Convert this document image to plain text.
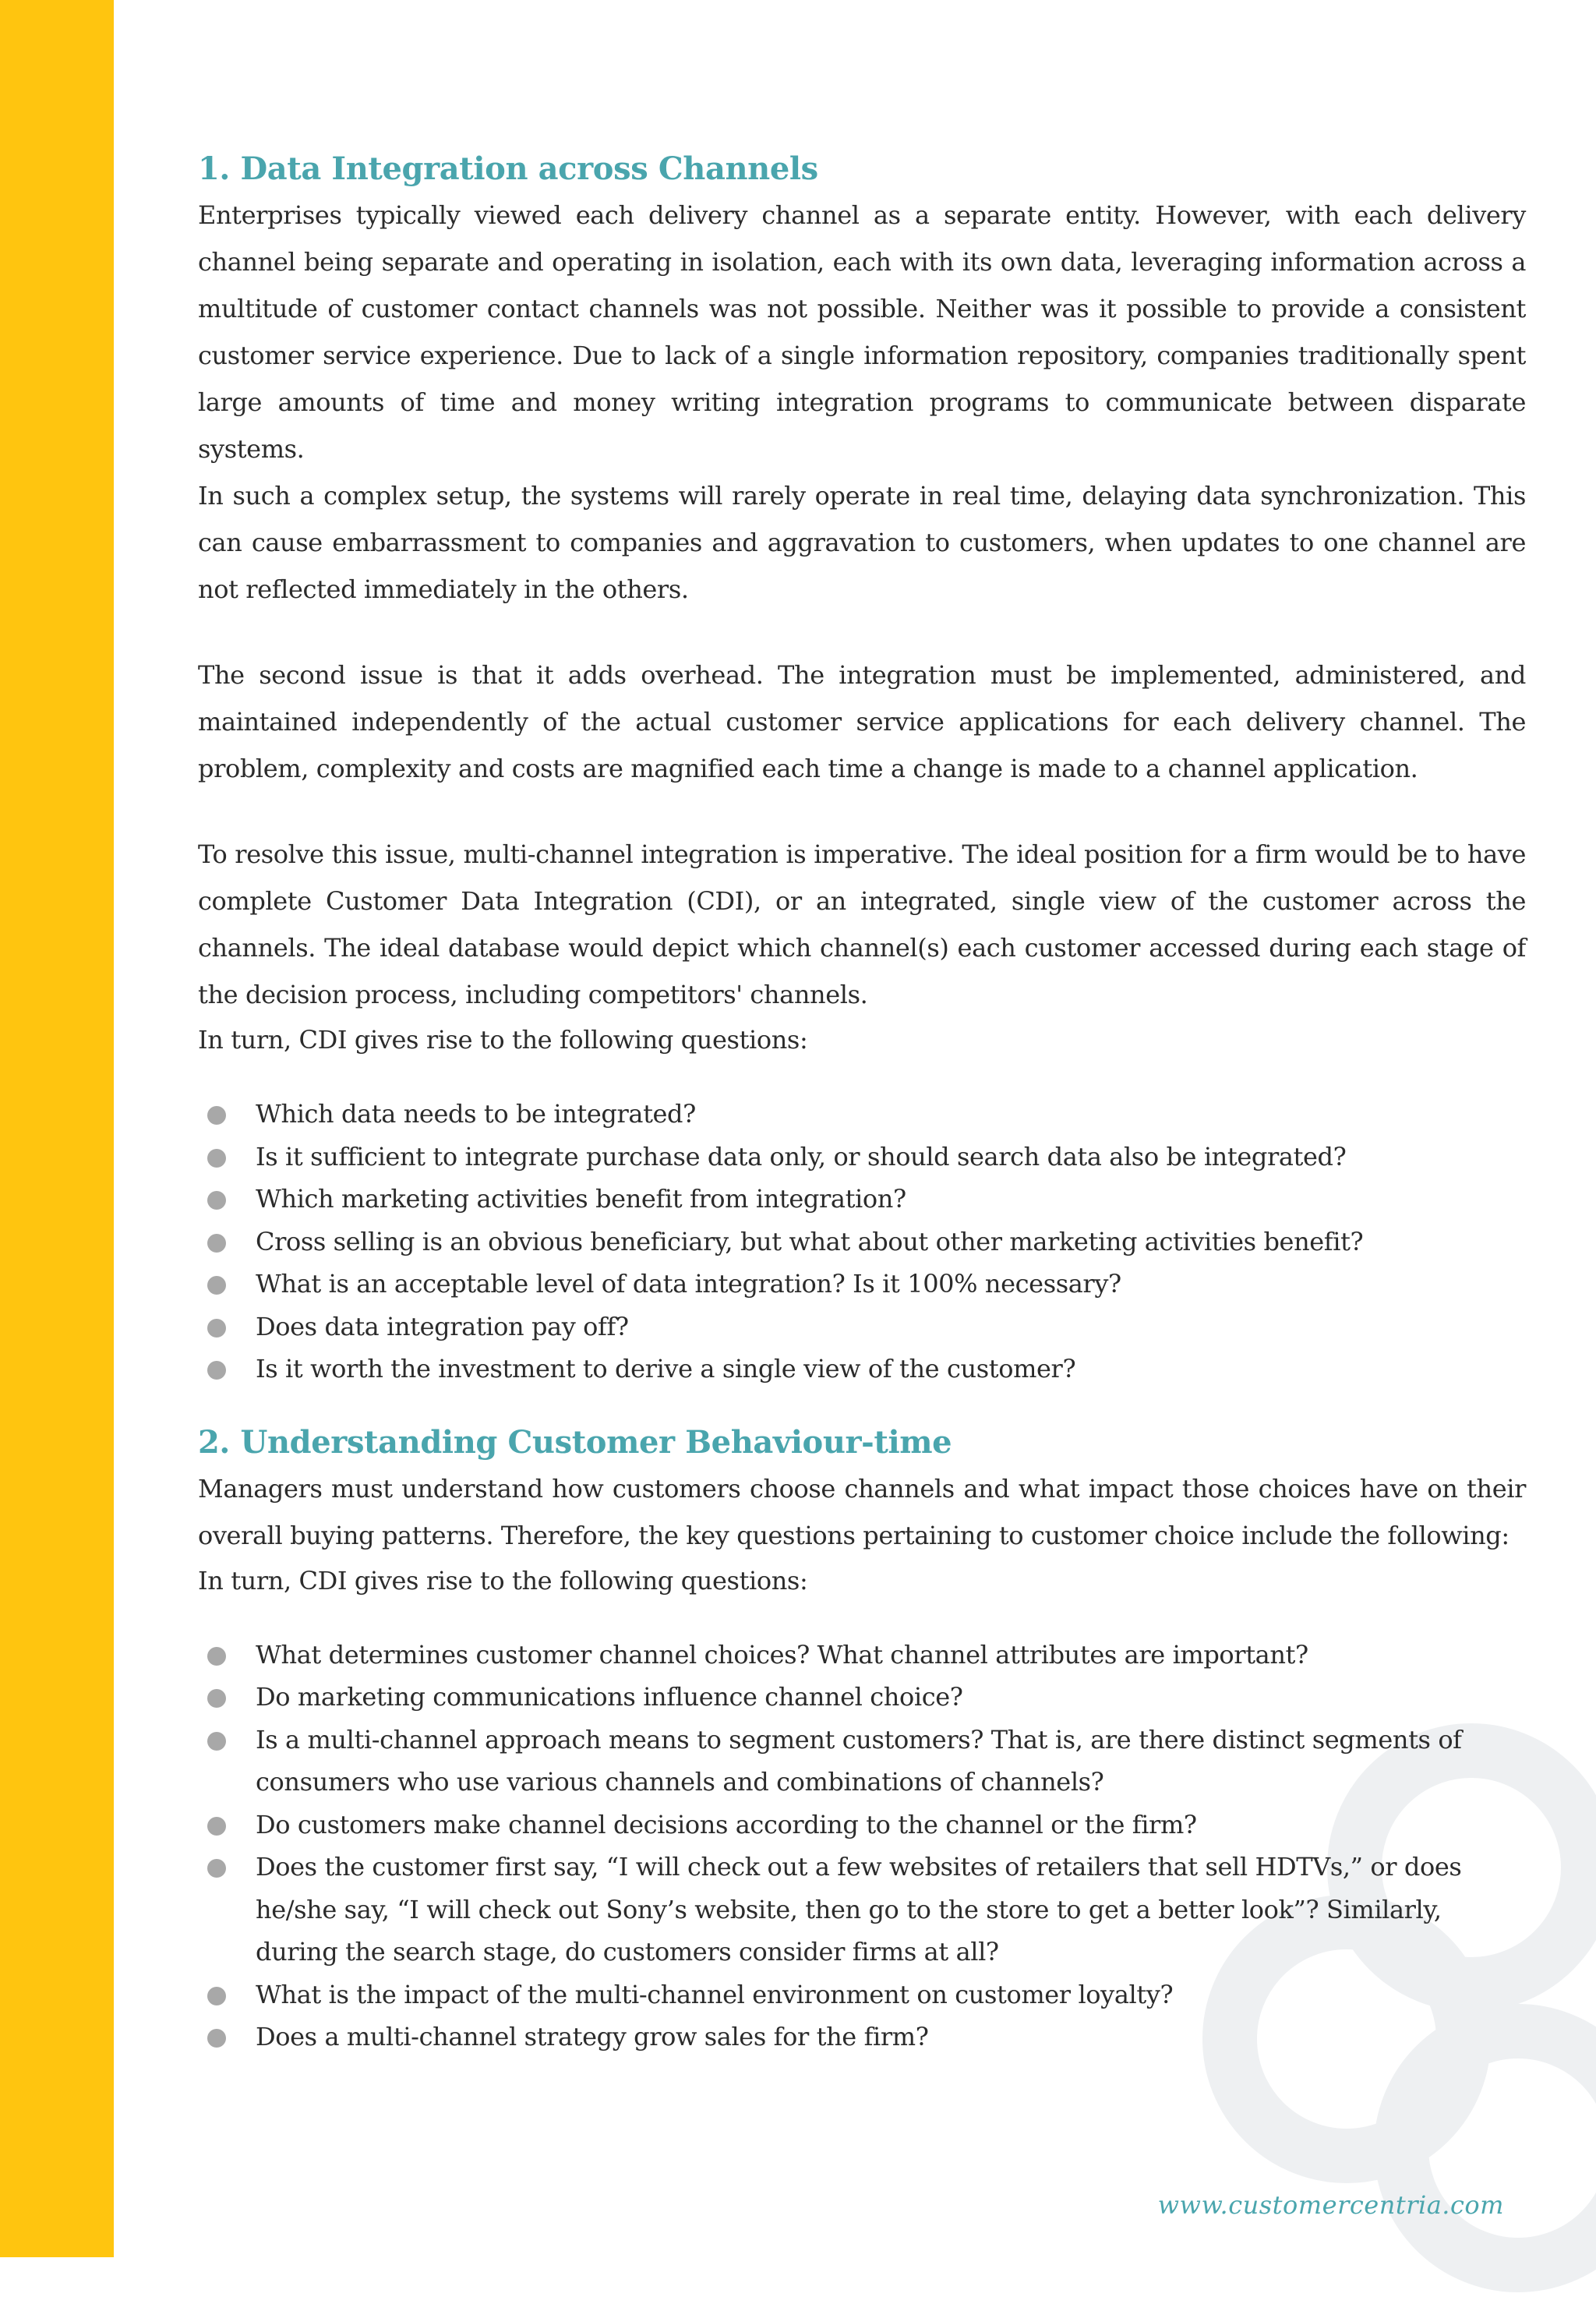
1. Data Integration across Channels

Enterprises typically viewed each delivery channel as a separate entity. However, with each delivery channel being separate and operating in isolation, each with its own data, leveraging information across a multitude of customer contact channels was not possible. Neither was it possible to provide a consistent customer service experience. Due to lack of a single information repository, companies traditionally spent large amounts of time and money writing integration programs to communicate between disparate systems.

In such a complex setup, the systems will rarely operate in real time, delaying data synchronization. This can cause embarrassment to companies and aggravation to customers, when updates to one channel are not reflected immediately in the others.

The second issue is that it adds overhead. The integration must be implemented, administered, and maintained independently of the actual customer service applications for each delivery channel. The problem, complexity and costs are magnified each time a change is made to a channel application.

To resolve this issue, multi-channel integration is imperative. The ideal position for a firm would be to have complete Customer Data Integration (CDI), or an integrated, single view of the customer across the channels. The ideal database would depict which channel(s) each customer accessed during each stage of the decision process, including competitors' channels.

In turn, CDI gives rise to the following questions:

Which data needs to be integrated?
Is it sufficient to integrate purchase data only, or should search data also be integrated?
Which marketing activities benefit from integration?
Cross selling is an obvious beneficiary, but what about other marketing activities benefit?
What is an acceptable level of data integration? Is it 100% necessary?
Does data integration pay off?
Is it worth the investment to derive a single view of the customer?
2. Understanding Customer Behaviour-time

Managers must understand how customers choose channels and what impact those choices have on their overall buying patterns. Therefore, the key questions pertaining to customer choice include the following:

In turn, CDI gives rise to the following questions:

What determines customer channel choices? What channel attributes are important?
Do marketing communications influence channel choice?
Is a multi-channel approach means to segment customers? That is, are there distinct segments of consumers who use various channels and combinations of channels?
Do customers make channel decisions according to the channel or the firm?
Does the customer first say, “I will check out a few websites of retailers that sell HDTVs,” or does he/she say, “I will check out Sony’s website, then go to the store to get a better look”? Similarly, during the search stage, do customers consider firms at all?
What is the impact of the multi-channel environment on customer loyalty?
Does a multi-channel strategy grow sales for the firm?
www.customercentria.com
